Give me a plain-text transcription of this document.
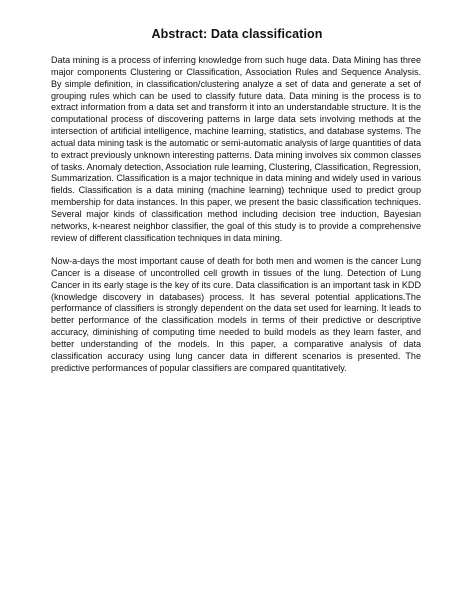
Abstract: Data classification

Data mining is a process of inferring knowledge from such huge data. Data Mining has three major components Clustering or Classification, Association Rules and Sequence Analysis. By simple definition, in classification/clustering analyze a set of data and generate a set of grouping rules which can be used to classify future data. Data mining is the process is to extract information from a data set and transform it into an understandable structure. It is the computational process of discovering patterns in large data sets involving methods at the intersection of artificial intelligence, machine learning, statistics, and database systems. The actual data mining task is the automatic or semi-automatic analysis of large quantities of data to extract previously unknown interesting patterns. Data mining involves six common classes of tasks. Anomaly detection, Association rule learning, Clustering, Classification, Regression, Summarization. Classification is a major technique in data mining and widely used in various fields. Classification is a data mining (machine learning) technique used to predict group membership for data instances. In this paper, we present the basic classification techniques. Several major kinds of classification method including decision tree induction, Bayesian networks, k-nearest neighbor classifier, the goal of this study is to provide a comprehensive review of different classification techniques in data mining.

Now-a-days the most important cause of death for both men and women is the cancer Lung Cancer is a disease of uncontrolled cell growth in tissues of the lung. Detection of Lung Cancer in its early stage is the key of its cure. Data classification is an important task in KDD (knowledge discovery in databases) process. It has several potential applications.The performance of classifiers is strongly dependent on the data set used for learning. It leads to better performance of the classification models in terms of their predictive or descriptive accuracy, diminishing of computing time needed to build models as they learn faster, and better understanding of the models. In this paper, a comparative analysis of data classification accuracy using lung cancer data in different scenarios is presented. The predictive performances of popular classifiers are compared quantitatively.
